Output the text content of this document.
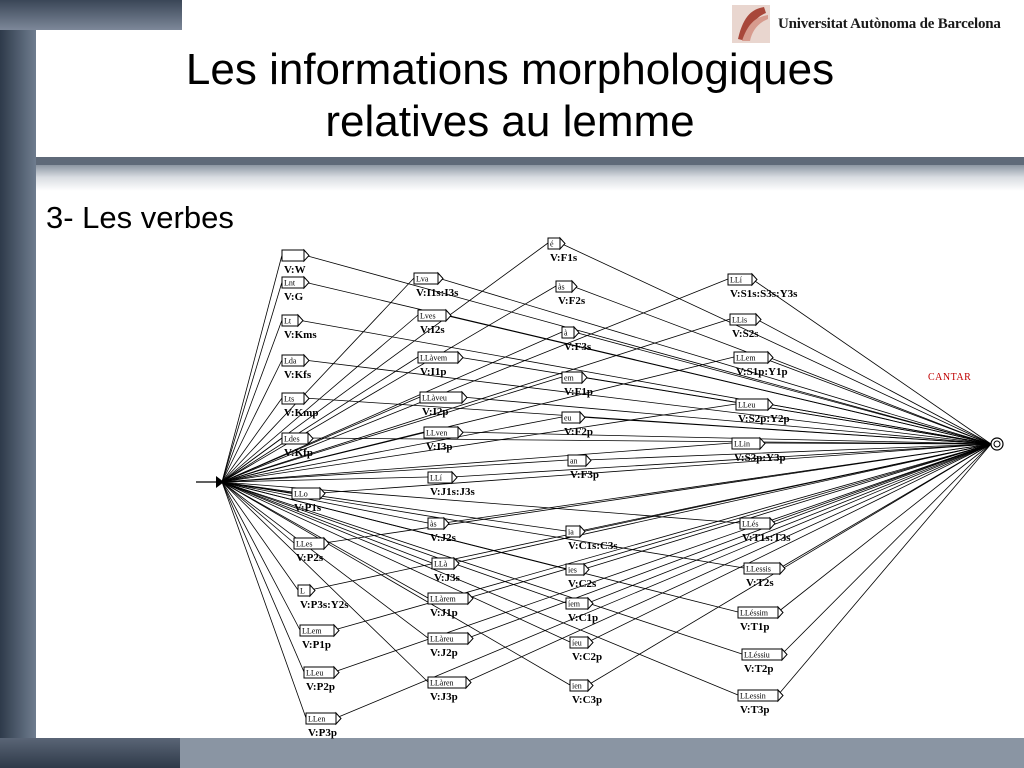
Universitat Autònoma de Barcelona
Les informations morphologiques
relatives au lemme
3- Les verbes
V:W
Lnt
V:G
Lt
V:Kms
Lda
V:Kfs
Lts
V:Kmp
Ldes
V:Kfp
LLo
V:P1s
LLes
V:P2s
L
V:P3s:Y2s
LLem
V:P1p
LLeu
V:P2p
LLen
V:P3p
Lva
V:I1s:I3s
Lves
V:I2s
LLàvem
V:I1p
LLàveu
V:I2p
LLven
V:I3p
LLí
V:J1s:J3s
às
V:J2s
LLà
V:J3s
LLàrem
V:J1p
LLàreu
V:J2p
LLàren
V:J3p
é
V:F1s
às
V:F2s
à
V:F3s
em
V:F1p
eu
V:F2p
an
V:F3p
ia
V:C1s:C3s
ies
V:C2s
íem
V:C1p
íeu
V:C2p
ien
V:C3p
LLí
V:S1s:S3s:Y3s
LLis
V:S2s
LLem
V:S1p:Y1p
LLeu
V:S2p:Y2p
LLin
V:S3p:Y3p
LLés
V:T1s:T3s
LLessis
V:T2s
LLéssim
V:T1p
LLéssiu
V:T2p
LLessin
V:T3p
CANTAR
